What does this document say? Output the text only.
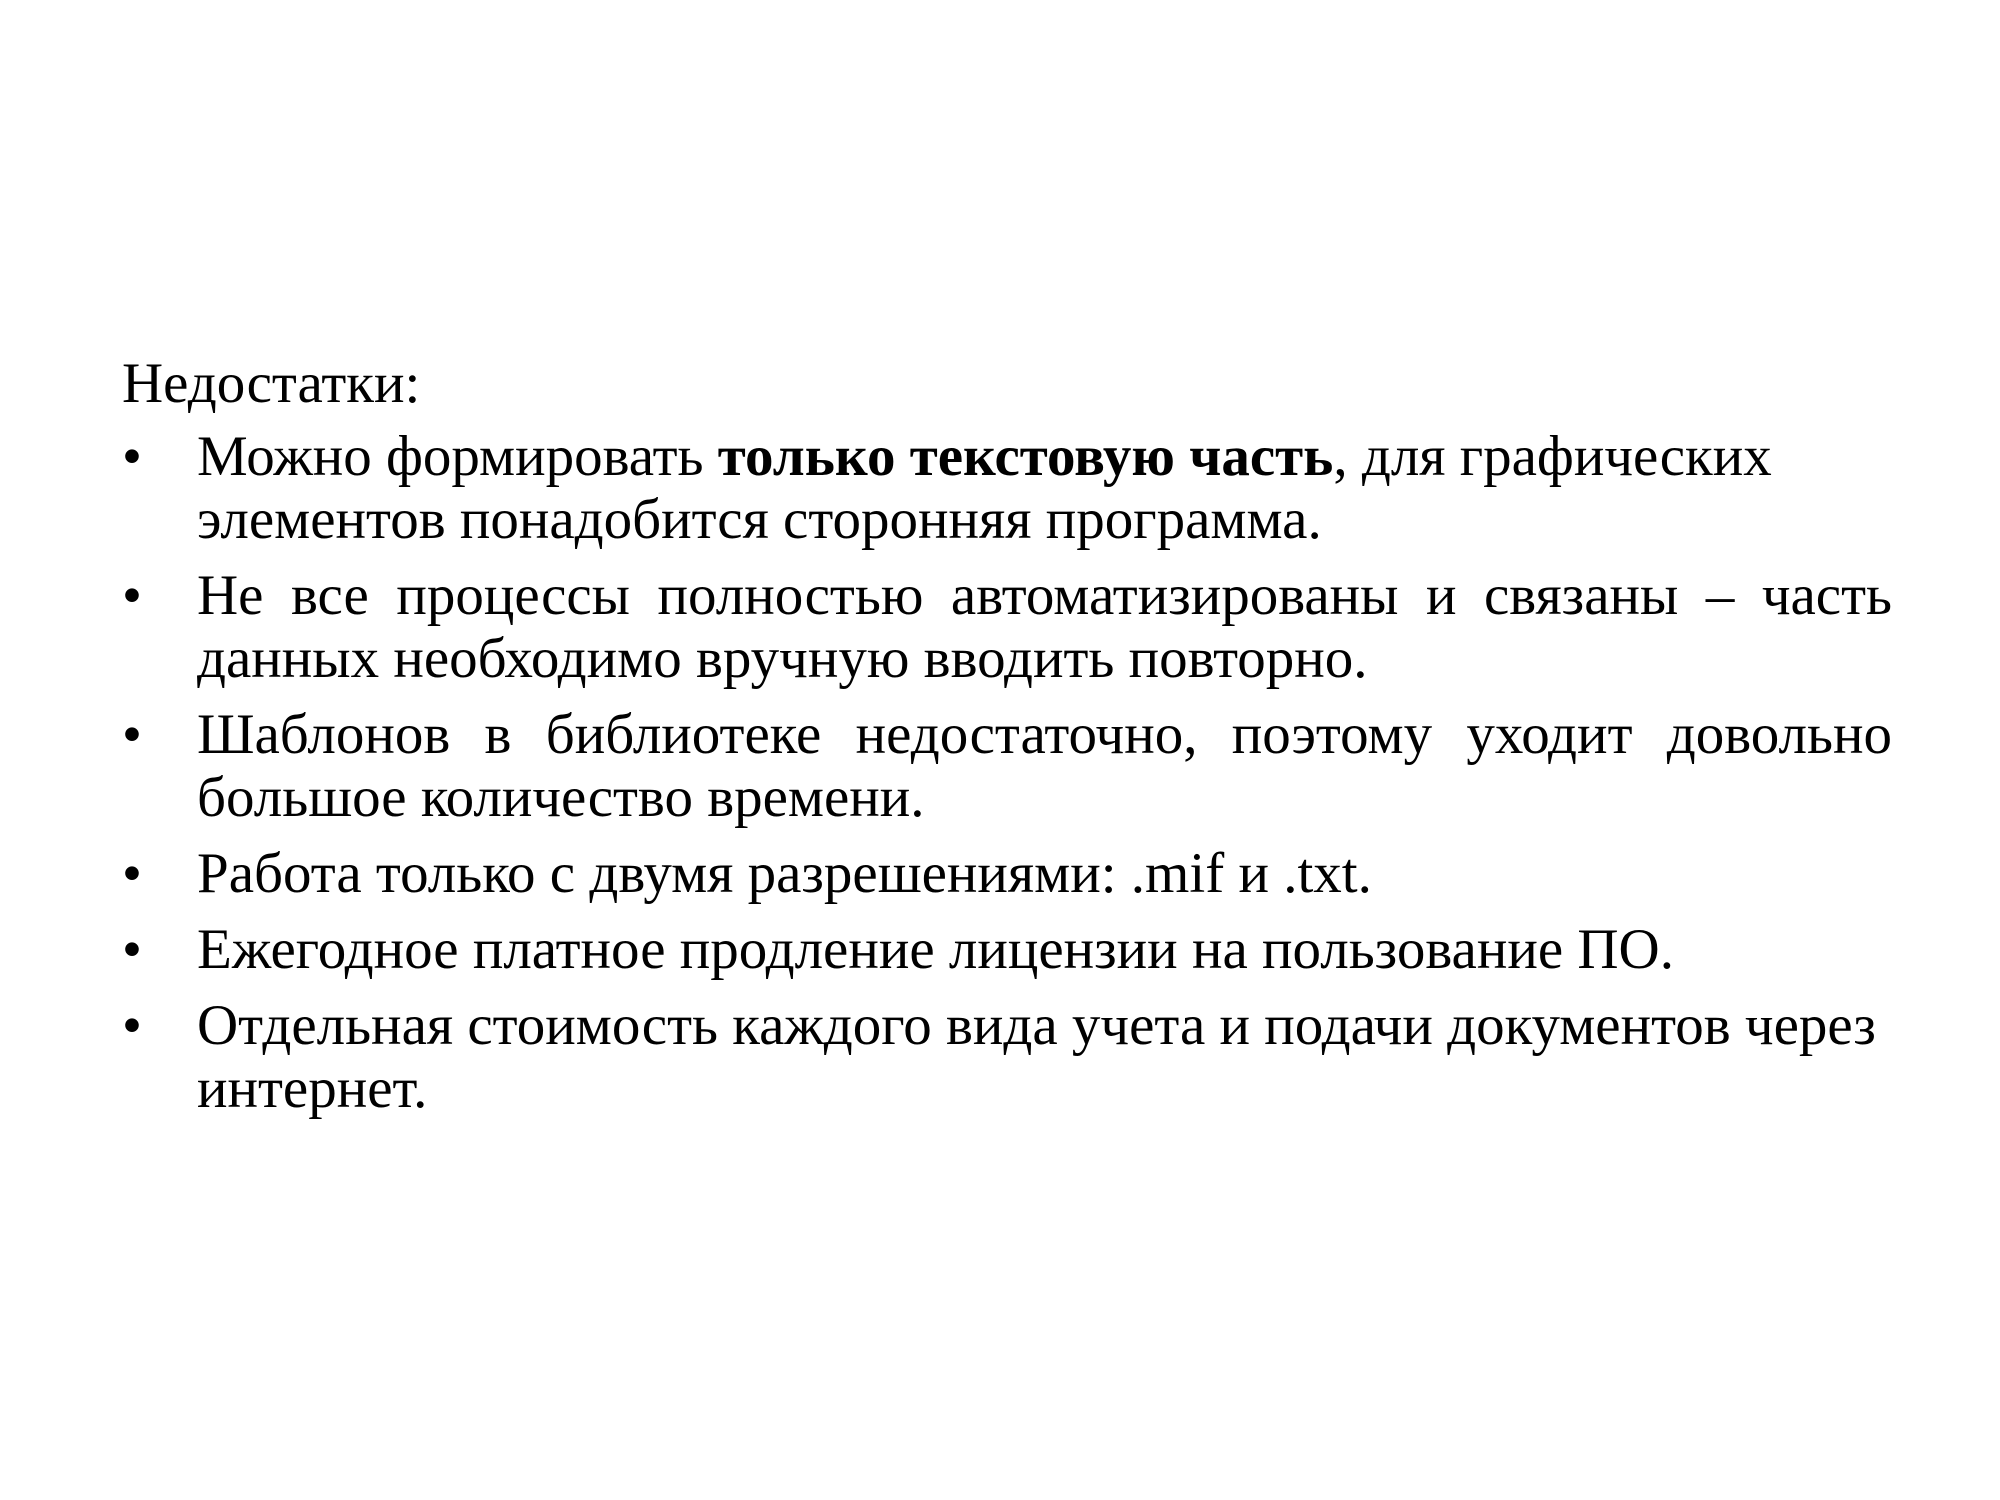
Недостатки:
• Можно формировать только текстовую часть, для графических элементов понадобится сторонняя программа.
• Не все процессы полностью автоматизированы и связаны – часть данных необходимо вручную вводить повторно.
• Шаблонов в библиотеке недостаточно, поэтому уходит довольно большое количество времени.
• Работа только с двумя разрешениями: .mif и .txt.
• Ежегодное платное продление лицензии на пользование ПО.
• Отдельная стоимость каждого вида учета и подачи документов через интернет.
